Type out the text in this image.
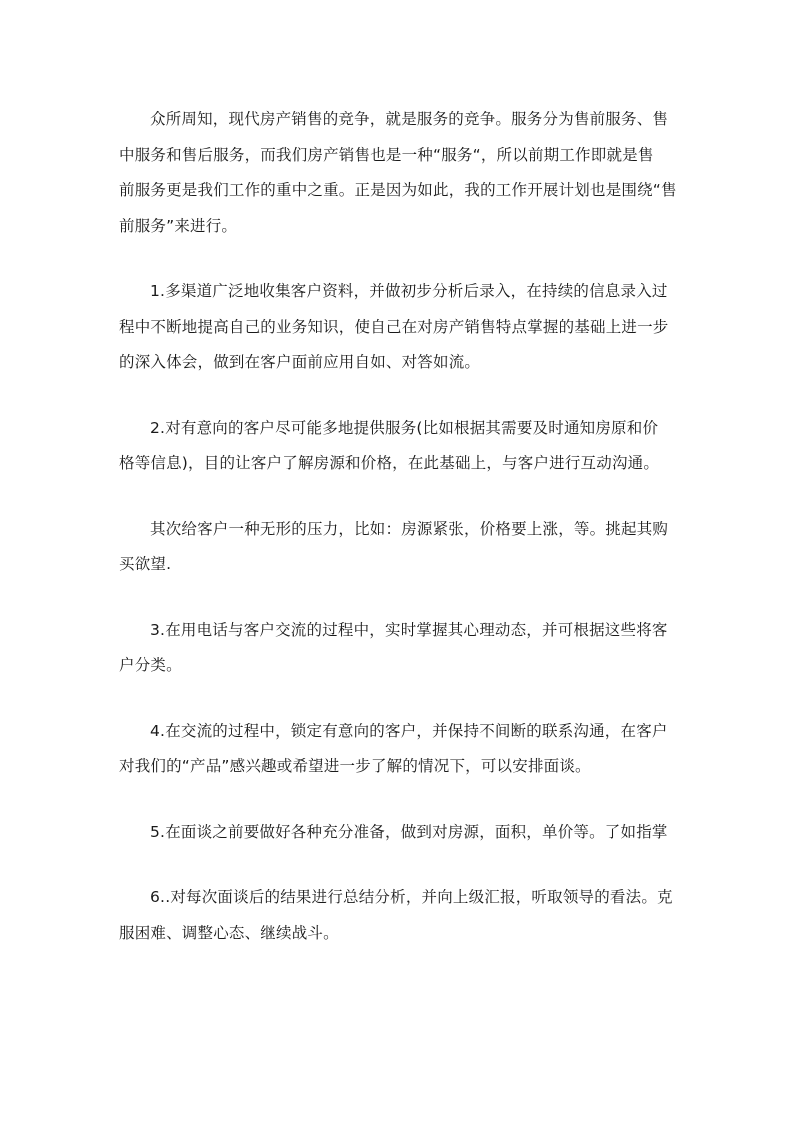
众所周知，现代房产销售的竞争，就是服务的竞争。服务分为售前服务、售
中服务和售后服务，而我们房产销售也是一种“服务“，所以前期工作即就是售
前服务更是我们工作的重中之重。正是因为如此，我的工作开展计划也是围绕“售
前服务”来进行。

1.多渠道广泛地收集客户资料，并做初步分析后录入，在持续的信息录入过
程中不断地提高自己的业务知识，使自己在对房产销售特点掌握的基础上进一步
的深入体会，做到在客户面前应用自如、对答如流。

2.对有意向的客户尽可能多地提供服务(比如根据其需要及时通知房原和价
格等信息)，目的让客户了解房源和价格，在此基础上，与客户进行互动沟通。

其次给客户一种无形的压力，比如：房源紧张，价格要上涨，等。挑起其购
买欲望.

3.在用电话与客户交流的过程中，实时掌握其心理动态，并可根据这些将客
户分类。

4.在交流的过程中，锁定有意向的客户，并保持不间断的联系沟通，在客户
对我们的“产品”感兴趣或希望进一步了解的情况下，可以安排面谈。

5.在面谈之前要做好各种充分准备，做到对房源，面积，单价等。了如指掌

6..对每次面谈后的结果进行总结分析，并向上级汇报，听取领导的看法。克
服困难、调整心态、继续战斗。
